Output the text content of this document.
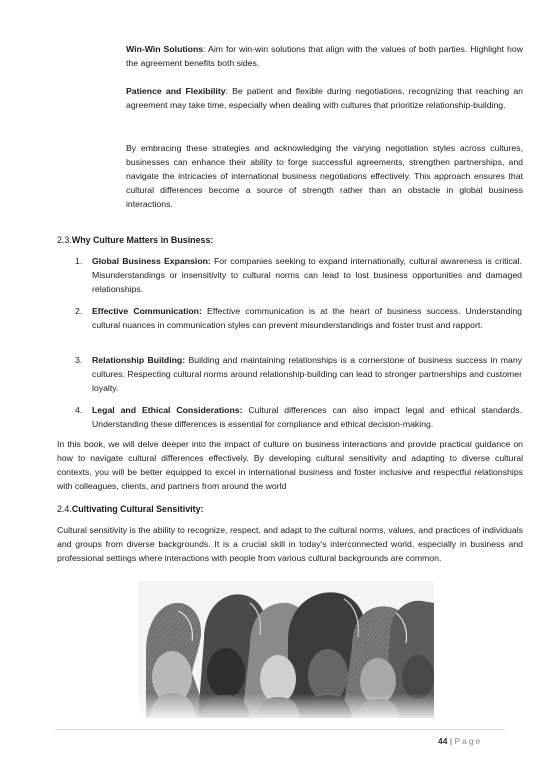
Win-Win Solutions: Aim for win-win solutions that align with the values of both parties. Highlight how the agreement benefits both sides.

Patience and Flexibility: Be patient and flexible during negotiations, recognizing that reaching an agreement may take time, especially when dealing with cultures that prioritize relationship-building.

By embracing these strategies and acknowledging the varying negotiation styles across cultures, businesses can enhance their ability to forge successful agreements, strengthen partnerships, and navigate the intricacies of international business negotiations effectively. This approach ensures that cultural differences become a source of strength rather than an obstacle in global business interactions.

2.3.Why Culture Matters in Business:
1. Global Business Expansion: For companies seeking to expand internationally, cultural awareness is critical. Misunderstandings or insensitivity to cultural norms can lead to lost business opportunities and damaged relationships.

2. Effective Communication: Effective communication is at the heart of business success. Understanding cultural nuances in communication styles can prevent misunderstandings and foster trust and rapport.

3. Relationship Building: Building and maintaining relationships is a cornerstone of business success in many cultures. Respecting cultural norms around relationship-building can lead to stronger partnerships and customer loyalty.

4. Legal and Ethical Considerations: Cultural differences can also impact legal and ethical standards. Understanding these differences is essential for compliance and ethical decision-making.

In this book, we will delve deeper into the impact of culture on business interactions and provide practical guidance on how to navigate cultural differences effectively. By developing cultural sensitivity and adapting to diverse cultural contexts, you will be better equipped to excel in international business and foster inclusive and respectful relationships with colleagues, clients, and partners from around the world

2.4.Cultivating Cultural Sensitivity:

Cultural sensitivity is the ability to recognize, respect, and adapt to the cultural norms, values, and practices of individuals and groups from diverse backgrounds. It is a crucial skill in today's interconnected world, especially in business and professional settings where interactions with people from various cultural backgrounds are common.

44 | Page
